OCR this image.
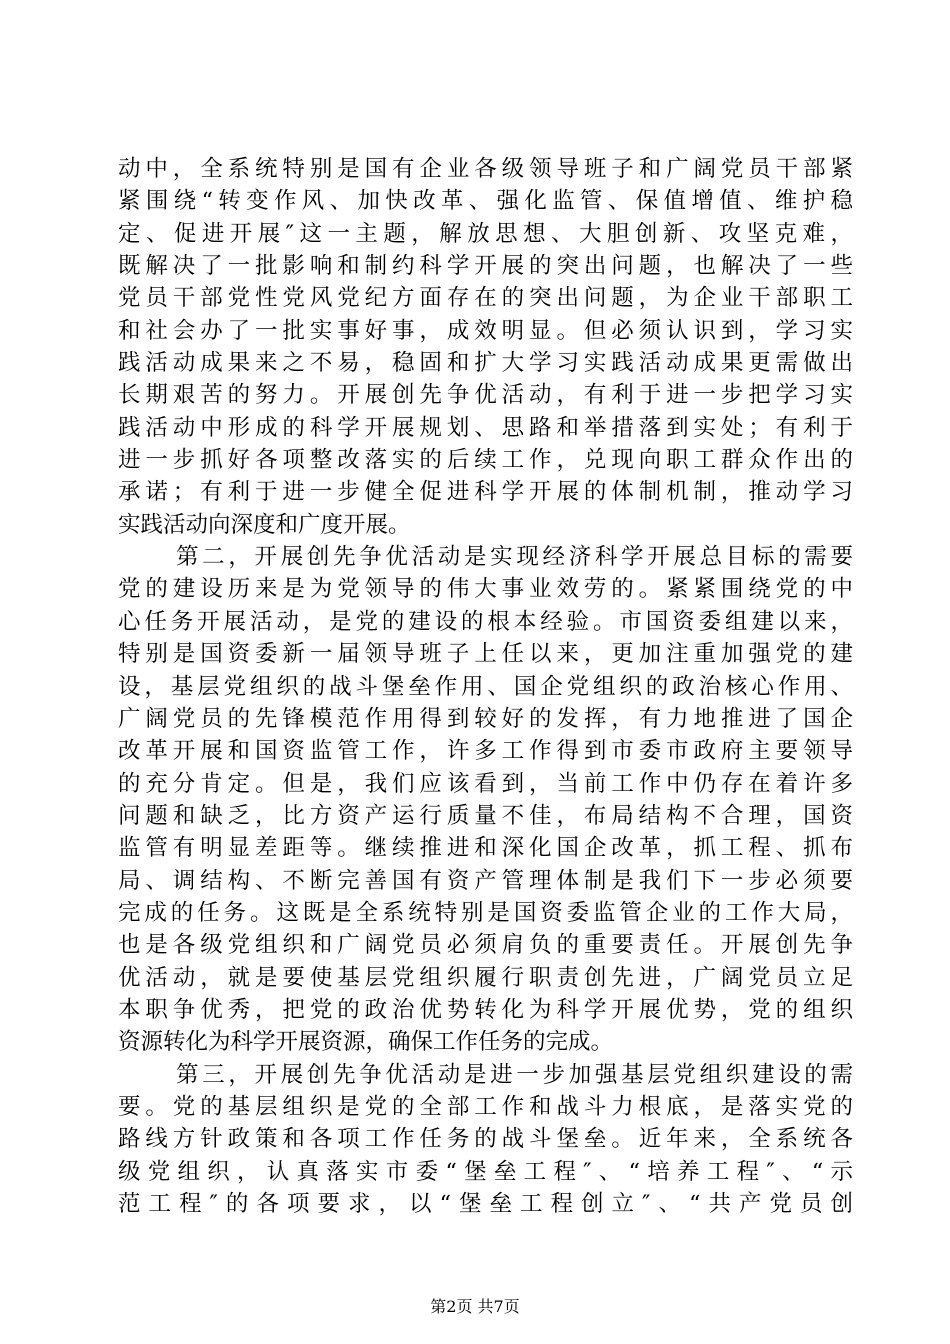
动中，全系统特别是国有企业各级领导班子和广阔党员干部紧
紧围绕“转变作风、加快改革、强化监管、保值增值、维护稳
定、促进开展″这一主题，解放思想、大胆创新、攻坚克难，
既解决了一批影响和制约科学开展的突出问题，也解决了一些
党员干部党性党风党纪方面存在的突出问题，为企业干部职工
和社会办了一批实事好事，成效明显。但必须认识到，学习实
践活动成果来之不易，稳固和扩大学习实践活动成果更需做出
长期艰苦的努力。开展创先争优活动，有利于进一步把学习实
践活动中形成的科学开展规划、思路和举措落到实处；有利于
进一步抓好各项整改落实的后续工作，兑现向职工群众作出的
承诺；有利于进一步健全促进科学开展的体制机制，推动学习
实践活动向深度和广度开展。
第二，开展创先争优活动是实现经济科学开展总目标的需要
党的建设历来是为党领导的伟大事业效劳的。紧紧围绕党的中
心任务开展活动，是党的建设的根本经验。市国资委组建以来，
特别是国资委新一届领导班子上任以来，更加注重加强党的建
设，基层党组织的战斗堡垒作用、国企党组织的政治核心作用、
广阔党员的先锋模范作用得到较好的发挥，有力地推进了国企
改革开展和国资监管工作，许多工作得到市委市政府主要领导
的充分肯定。但是，我们应该看到，当前工作中仍存在着许多
问题和缺乏，比方资产运行质量不佳，布局结构不合理，国资
监管有明显差距等。继续推进和深化国企改革，抓工程、抓布
局、调结构、不断完善国有资产管理体制是我们下一步必须要
完成的任务。这既是全系统特别是国资委监管企业的工作大局，
也是各级党组织和广阔党员必须肩负的重要责任。开展创先争
优活动，就是要使基层党组织履行职责创先进，广阔党员立足
本职争优秀，把党的政治优势转化为科学开展优势，党的组织
资源转化为科学开展资源，确保工作任务的完成。
第三，开展创先争优活动是进一步加强基层党组织建设的需
要。党的基层组织是党的全部工作和战斗力根底，是落实党的
路线方针政策和各项工作任务的战斗堡垒。近年来，全系统各
级党组织，认真落实市委“堡垒工程″、“培养工程″、“示
范工程″的各项要求，以“堡垒工程创立″、“共产党员创
第2页 共7页
